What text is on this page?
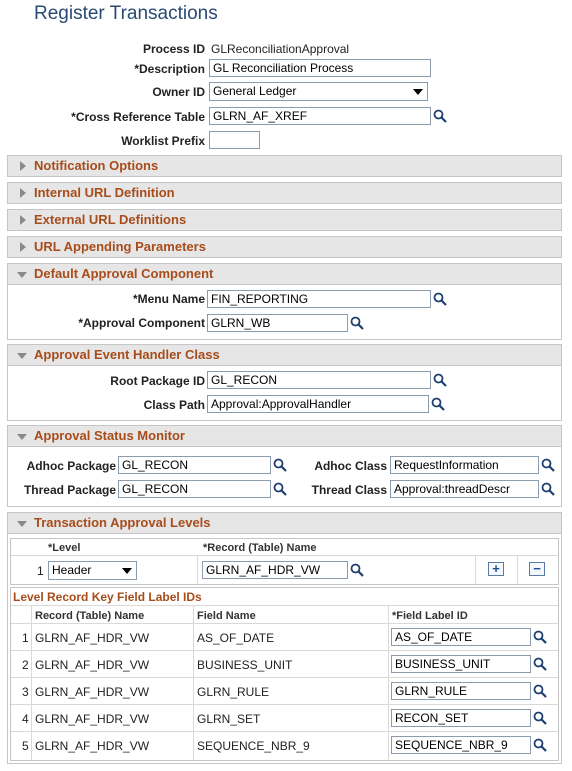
Register Transactions
Process ID GLReconciliationApproval
*Description GL Reconciliation Process
Owner ID General Ledger
*Cross Reference Table GLRN_AF_XREF
Worklist Prefix
Notification Options
Internal URL Definition
External URL Definitions
URL Appending Parameters
Default Approval Component
*Menu Name FIN_REPORTING
*Approval Component GLRN_WB
Approval Event Handler Class
Root Package ID GL_RECON
Class Path Approval:ApprovalHandler
Approval Status Monitor
Adhoc Package GL_RECON	Adhoc Class RequestInformation
Thread Package GL_RECON	Thread Class Approval:threadDescr
Transaction Approval Levels
*Level	*Record (Table) Name
1 Header	GLRN_AF_HDR_VW	+	−
Level Record Key Field Label IDs
Record (Table) Name	Field Name	*Field Label ID
1 GLRN_AF_HDR_VW	AS_OF_DATE	AS_OF_DATE
2 GLRN_AF_HDR_VW	BUSINESS_UNIT	BUSINESS_UNIT
3 GLRN_AF_HDR_VW	GLRN_RULE	GLRN_RULE
4 GLRN_AF_HDR_VW	GLRN_SET	RECON_SET
5 GLRN_AF_HDR_VW	SEQUENCE_NBR_9	SEQUENCE_NBR_9
